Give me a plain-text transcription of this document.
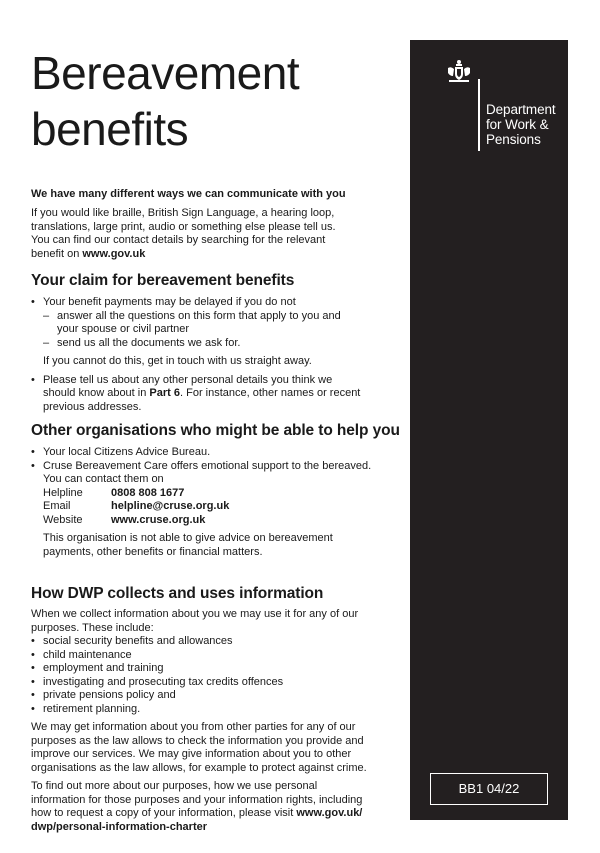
Bereavement
benefits
We have many different ways we can communicate with you
If you would like braille, British Sign Language, a hearing loop,
translations, large print, audio or something else please tell us.
You can find our contact details by searching for the relevant
benefit on www.gov.uk
Your claim for bereavement benefits
• Your benefit payments may be delayed if you do not
– answer all the questions on this form that apply to you and
your spouse or civil partner
– send us all the documents we ask for.
If you cannot do this, get in touch with us straight away.
• Please tell us about any other personal details you think we
should know about in Part 6. For instance, other names or recent
previous addresses.
Other organisations who might be able to help you
• Your local Citizens Advice Bureau.
• Cruse Bereavement Care offers emotional support to the bereaved.
You can contact them on
Helpline	0808 808 1677
Email	helpline@cruse.org.uk
Website	www.cruse.org.uk
This organisation is not able to give advice on bereavement
payments, other benefits or financial matters.
How DWP collects and uses information
When we collect information about you we may use it for any of our
purposes. These include:
• social security benefits and allowances
• child maintenance
• employment and training
• investigating and prosecuting tax credits offences
• private pensions policy and
• retirement planning.
We may get information about you from other parties for any of our
purposes as the law allows to check the information you provide and
improve our services. We may give information about you to other
organisations as the law allows, for example to protect against crime.
To find out more about our purposes, how we use personal
information for those purposes and your information rights, including
how to request a copy of your information, please visit www.gov.uk/
dwp/personal-information-charter
Department
for Work &
Pensions
BB1 04/22
